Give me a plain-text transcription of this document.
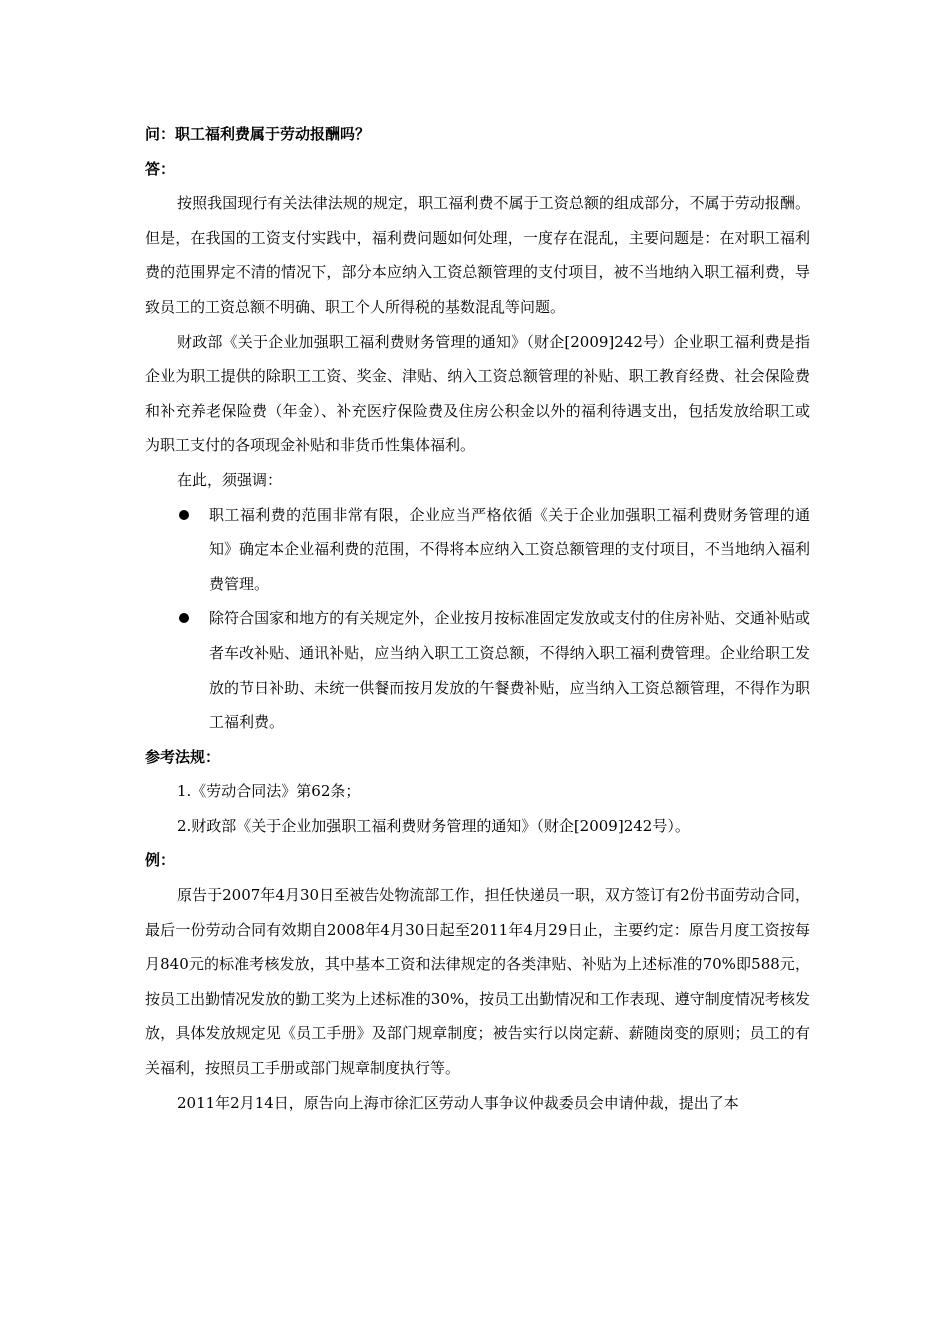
问：职工福利费属于劳动报酬吗？

答：

按照我国现行有关法律法规的规定，职工福利费不属于工资总额的组成部分，不属于劳动报酬。但是，在我国的工资支付实践中，福利费问题如何处理，一度存在混乱，主要问题是：在对职工福利费的范围界定不清的情况下，部分本应纳入工资总额管理的支付项目，被不当地纳入职工福利费，导致员工的工资总额不明确、职工个人所得税的基数混乱等问题。

财政部《关于企业加强职工福利费财务管理的通知》（财企[2009]242号）企业职工福利费是指企业为职工提供的除职工工资、奖金、津贴、纳入工资总额管理的补贴、职工教育经费、社会保险费和补充养老保险费（年金）、补充医疗保险费及住房公积金以外的福利待遇支出，包括发放给职工或为职工支付的各项现金补贴和非货币性集体福利。

在此，须强调：

职工福利费的范围非常有限，企业应当严格依循《关于企业加强职工福利费财务管理的通知》确定本企业福利费的范围，不得将本应纳入工资总额管理的支付项目，不当地纳入福利费管理。
除符合国家和地方的有关规定外，企业按月按标准固定发放或支付的住房补贴、交通补贴或者车改补贴、通讯补贴，应当纳入职工工资总额，不得纳入职工福利费管理。企业给职工发放的节日补助、未统一供餐而按月发放的午餐费补贴，应当纳入工资总额管理，不得作为职工福利费。

参考法规：

1.《劳动合同法》第62条；
2.财政部《关于企业加强职工福利费财务管理的通知》（财企[2009]242号）。

例：

原告于2007年4月30日至被告处物流部工作，担任快递员一职，双方签订有2份书面劳动合同，最后一份劳动合同有效期自2008年4月30日起至2011年4月29日止，主要约定：原告月度工资按每月840元的标准考核发放，其中基本工资和法律规定的各类津贴、补贴为上述标准的70%即588元，按员工出勤情况发放的勤工奖为上述标准的30%，按员工出勤情况和工作表现、遵守制度情况考核发放，具体发放规定见《员工手册》及部门规章制度；被告实行以岗定薪、薪随岗变的原则；员工的有关福利，按照员工手册或部门规章制度执行等。

2011年2月14日，原告向上海市徐汇区劳动人事争议仲裁委员会申请仲裁，提出了本
